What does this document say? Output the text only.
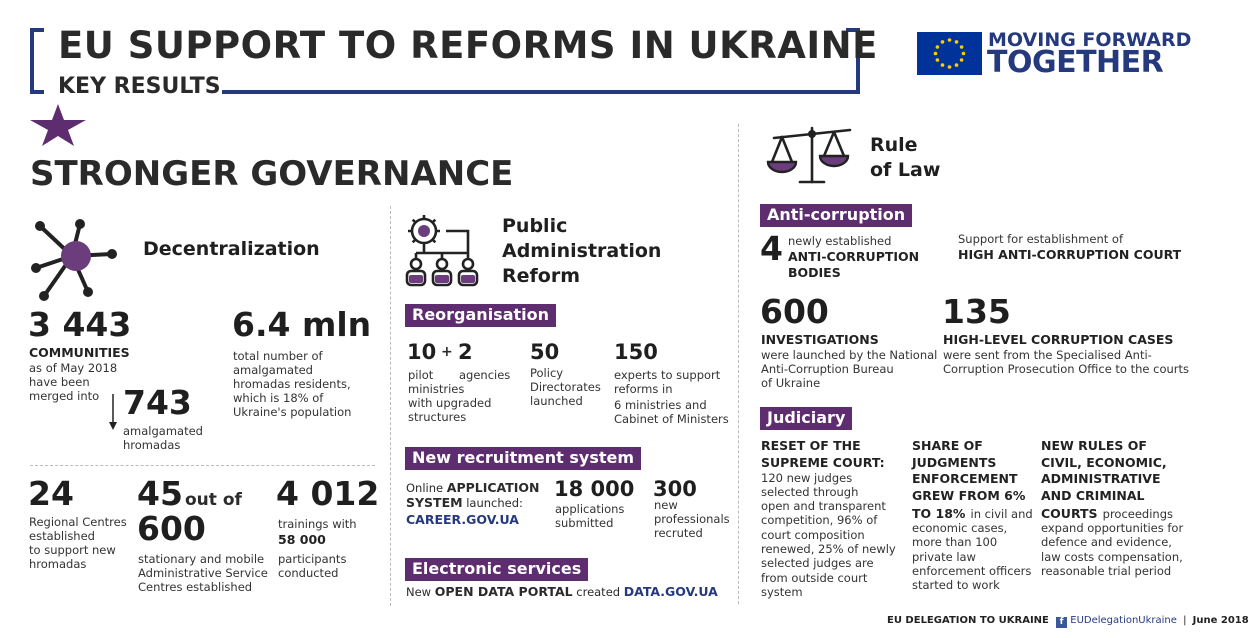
EU SUPPORT TO REFORMS IN UKRAINE
KEY RESULTS
MOVING FORWARD
TOGETHER
STRONGER GOVERNANCE
Decentralization
3 443
COMMUNITIES
as of May 2018
have been
merged into 743
amalgamated
hromadas
6.4 mln
total number of
amalgamated
hromadas residents,
which is 18% of
Ukraine's population
24
Regional Centres
established
to support new
hromadas
45 out of
600
stationary and mobile
Administrative Service
Centres established
4 012
trainings with
58 000
participants
conducted
Public
Administration
Reform
Reorganisation
10 + 2
pilot agencies
ministries
with upgraded
structures
50
Policy
Directorates
launched
150
experts to support
reforms in
6 ministries and
Cabinet of Ministers
New recruitment system
Online APPLICATION
SYSTEM launched:
CAREER.GOV.UA
18 000
applications
submitted
300
new
professionals
recruted
Electronic services
New OPEN DATA PORTAL created DATA.GOV.UA
Rule
of Law
Anti-corruption
4 newly established
ANTI-CORRUPTION
BODIES
Support for establishment of
HIGH ANTI-CORRUPTION COURT
600
INVESTIGATIONS
were launched by the National
Anti-Corruption Bureau
of Ukraine
135
HIGH-LEVEL CORRUPTION CASES
were sent from the Specialised Anti-
Corruption Prosecution Office to the courts
Judiciary
RESET OF THE
SUPREME COURT:
120 new judges
selected through
open and transparent
competition, 96% of
court composition
renewed, 25% of newly
selected judges are
from outside court
system
SHARE OF
JUDGMENTS
ENFORCEMENT
GREW FROM 6%
TO 18% in civil and
economic cases,
more than 100
private law
enforcement officers
started to work
NEW RULES OF
CIVIL, ECONOMIC,
ADMINISTRATIVE
AND CRIMINAL
COURTS proceedings
expand opportunities for
defence and evidence,
law costs compensation,
reasonable trial period
EU DELEGATION TO UKRAINE f EUDelegationUkraine | June 2018
